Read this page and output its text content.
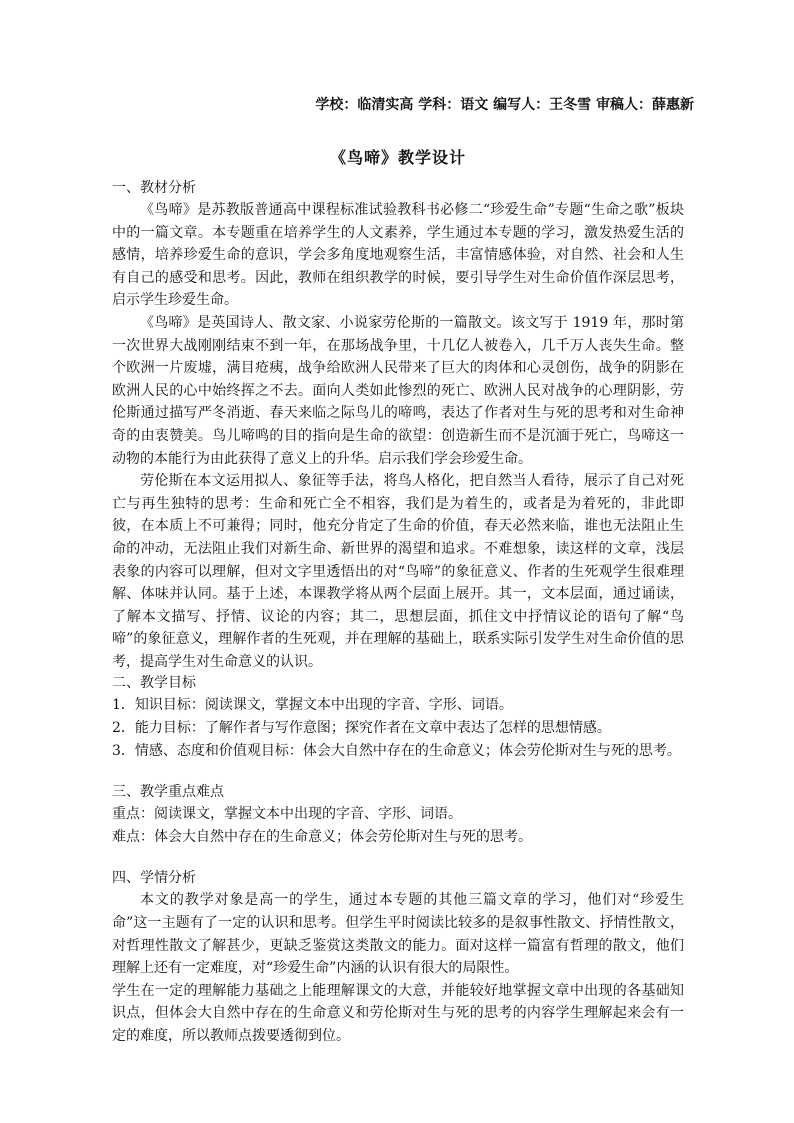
学校：临清实高 学科：语文 编写人：王冬雪 审稿人：薛惠新
《鸟啼》教学设计
一、教材分析

《鸟啼》是苏教版普通高中课程标准试验教科书必修二“珍爱生命”专题“生命之歌”板块中的一篇文章。本专题重在培养学生的人文素养，学生通过本专题的学习，激发热爱生活的感情，培养珍爱生命的意识，学会多角度地观察生活，丰富情感体验，对自然、社会和人生有自己的感受和思考。因此，教师在组织教学的时候，要引导学生对生命价值作深层思考，启示学生珍爱生命。

《鸟啼》是英国诗人、散文家、小说家劳伦斯的一篇散文。该文写于 1919 年，那时第一次世界大战刚刚结束不到一年，在那场战争里，十几亿人被卷入，几千万人丧失生命。整个欧洲一片废墟，满目疮痍，战争给欧洲人民带来了巨大的肉体和心灵创伤，战争的阴影在欧洲人民的心中始终挥之不去。面向人类如此惨烈的死亡、欧洲人民对战争的心理阴影，劳伦斯通过描写严冬消逝、春天来临之际鸟儿的啼鸣，表达了作者对生与死的思考和对生命神奇的由衷赞美。鸟儿啼鸣的目的指向是生命的欲望：创造新生而不是沉湎于死亡，鸟啼这一动物的本能行为由此获得了意义上的升华。启示我们学会珍爱生命。

劳伦斯在本文运用拟人、象征等手法，将鸟人格化，把自然当人看待，展示了自己对死亡与再生独特的思考：生命和死亡全不相容，我们是为着生的，或者是为着死的，非此即彼，在本质上不可兼得；同时，他充分肯定了生命的价值，春天必然来临，谁也无法阻止生命的冲动，无法阻止我们对新生命、新世界的渴望和追求。不难想象，读这样的文章，浅层表象的内容可以理解，但对文字里透悟出的对“鸟啼”的象征意义、作者的生死观学生很难理解、体味并认同。基于上述，本课教学将从两个层面上展开。其一，文本层面，通过诵读，了解本文描写、抒情、议论的内容；其二，思想层面，抓住文中抒情议论的语句了解“鸟啼”的象征意义，理解作者的生死观，并在理解的基础上，联系实际引发学生对生命价值的思考，提高学生对生命意义的认识。

二、教学目标

1．知识目标：阅读课文，掌握文本中出现的字音、字形、词语。

2．能力目标：了解作者与写作意图；探究作者在文章中表达了怎样的思想情感。

3．情感、态度和价值观目标：体会大自然中存在的生命意义；体会劳伦斯对生与死的思考。

三、教学重点难点

重点：阅读课文，掌握文本中出现的字音、字形、词语。

难点：体会大自然中存在的生命意义；体会劳伦斯对生与死的思考。

四、学情分析

本文的教学对象是高一的学生，通过本专题的其他三篇文章的学习，他们对“珍爱生命”这一主题有了一定的认识和思考。但学生平时阅读比较多的是叙事性散文、抒情性散文，对哲理性散文了解甚少，更缺乏鉴赏这类散文的能力。面对这样一篇富有哲理的散文，他们理解上还有一定难度，对“珍爱生命”内涵的认识有很大的局限性。

学生在一定的理解能力基础之上能理解课文的大意，并能较好地掌握文章中出现的各基础知识点，但体会大自然中存在的生命意义和劳伦斯对生与死的思考的内容学生理解起来会有一定的难度，所以教师点拨要透彻到位。
